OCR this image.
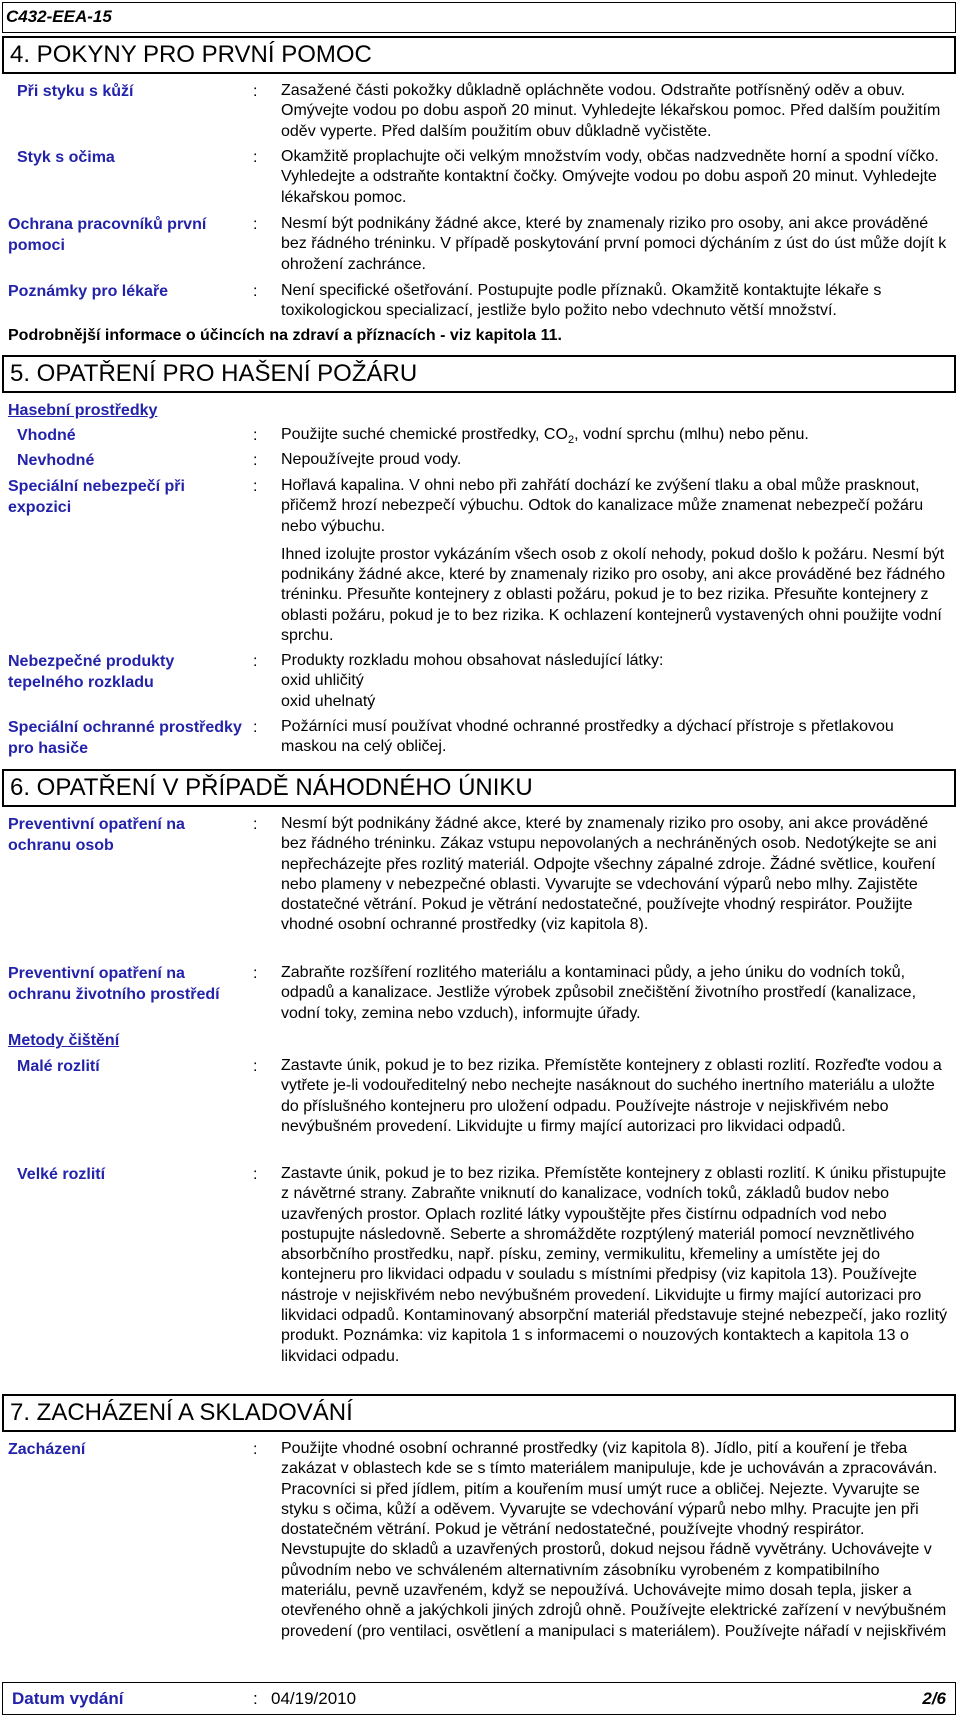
C432-EEA-15
4. POKYNY PRO PRVNÍ POMOC
Při styku s kůží	: Zasažené části pokožky důkladně opláchněte vodou. Odstraňte potřísněný oděv a obuv. Omývejte vodou po dobu aspoň 20 minut. Vyhledejte lékařskou pomoc. Před dalším použitím oděv vyperte. Před dalším použitím obuv důkladně vyčistěte.
Styk s očima	: Okamžitě proplachujte oči velkým množstvím vody, občas nadzvedněte horní a spodní víčko. Vyhledejte a odstraňte kontaktní čočky. Omývejte vodou po dobu aspoň 20 minut. Vyhledejte lékařskou pomoc.
Ochrana pracovníků první pomoci
: Nesmí být podnikány žádné akce, které by znamenaly riziko pro osoby, ani akce prováděné bez řádného tréninku. V případě poskytování první pomoci dýcháním z úst do úst může dojít k ohrožení zachránce.
Poznámky pro lékaře	: Není specifické ošetřování. Postupujte podle příznaků. Okamžitě kontaktujte lékaře s toxikologickou specializací, jestliže bylo požito nebo vdechnuto větší množství.
Podrobnější informace o účincích na zdraví a příznacích - viz kapitola 11.
5. OPATŘENÍ PRO HAŠENÍ POŽÁRU
Hasební prostředky
Vhodné	: Použijte suché chemické prostředky, $CO_2$, vodní sprchu (mlhu) nebo pěnu.
Nevhodné	: Nepoužívejte proud vody.
Speciální nebezpečí při expozici
: Hořlavá kapalina. V ohni nebo při zahřátí dochází ke zvýšení tlaku a obal může prasknout, přičemž hrozí nebezpečí výbuchu. Odtok do kanalizace může znamenat nebezpečí požáru nebo výbuchu.

Ihned izolujte prostor vykázáním všech osob z okolí nehody, pokud došlo k požáru. Nesmí být podnikány žádné akce, které by znamenaly riziko pro osoby, ani akce prováděné bez řádného tréninku. Přesuňte kontejnery z oblasti požáru, pokud je to bez rizika. Přesuňte kontejnery z oblasti požáru, pokud je to bez rizika. K ochlazení kontejnerů vystavených ohni použijte vodní sprchu.

Nebezpečné produkty tepelného rozkladu
: Produkty rozkladu mohou obsahovat následující látky:
oxid uhličitý
oxid uhelnatý
Speciální ochranné prostředky pro hasiče
: Požárníci musí používat vhodné ochranné prostředky a dýchací přístroje s přetlakovou maskou na celý obličej.
6. OPATŘENÍ V PŘÍPADĚ NÁHODNÉHO ÚNIKU
Preventivní opatření na ochranu osob
: Nesmí být podnikány žádné akce, které by znamenaly riziko pro osoby, ani akce prováděné bez řádného tréninku. Zákaz vstupu nepovolaných a nechráněných osob. Nedotýkejte se ani nepřecházejte přes rozlitý materiál. Odpojte všechny zápalné zdroje. Žádné světlice, kouření nebo plameny v nebezpečné oblasti. Vyvarujte se vdechování výparů nebo mlhy. Zajistěte dostatečné větrání. Pokud je větrání nedostatečné, používejte vhodný respirátor. Použijte vhodné osobní ochranné prostředky (viz kapitola 8).
Preventivní opatření na ochranu životního prostředí
: Zabraňte rozšíření rozlitého materiálu a kontaminaci půdy, a jeho úniku do vodních toků, odpadů a kanalizace. Jestliže výrobek způsobil znečištění životního prostředí (kanalizace, vodní toky, zemina nebo vzduch), informujte úřady.
Metody čištění
Malé rozlití	: Zastavte únik, pokud je to bez rizika. Přemístěte kontejnery z oblasti rozlití. Rozřeďte vodou a vytřete je-li vodouředitelný nebo nechejte nasáknout do suchého inertního materiálu a uložte do příslušného kontejneru pro uložení odpadu. Používejte nástroje v nejiskřivém nebo nevýbušném provedení. Likvidujte u firmy mající autorizaci pro likvidaci odpadů.
Velké rozlití	: Zastavte únik, pokud je to bez rizika. Přemístěte kontejnery z oblasti rozlití. K úniku přistupujte z návětrné strany. Zabraňte vniknutí do kanalizace, vodních toků, základů budov nebo uzavřených prostor. Oplach rozlité látky vypouštějte přes čistírnu odpadních vod nebo postupujte následovně. Seberte a shromážděte rozptýlený materiál pomocí nevznětlivého absorbčního prostředku, např. písku, zeminy, vermikulitu, křemeliny a umístěte jej do kontejneru pro likvidaci odpadu v souladu s místními předpisy (viz kapitola 13). Používejte nástroje v nejiskřivém nebo nevýbušném provedení. Likvidujte u firmy mající autorizaci pro likvidaci odpadů. Kontaminovaný absorpční materiál představuje stejné nebezpečí, jako rozlitý produkt. Poznámka: viz kapitola 1 s informacemi o nouzových kontaktech a kapitola 13 o likvidaci odpadu.
7. ZACHÁZENÍ A SKLADOVÁNÍ
Zacházení	: Použijte vhodné osobní ochranné prostředky (viz kapitola 8). Jídlo, pití a kouření je třeba zakázat v oblastech kde se s tímto materiálem manipuluje, kde je uchováván a zpracováván. Pracovníci si před jídlem, pitím a kouřením musí umýt ruce a obličej. Nejezte. Vyvarujte se styku s očima, kůží a oděvem. Vyvarujte se vdechování výparů nebo mlhy. Pracujte jen při dostatečném větrání. Pokud je větrání nedostatečné, používejte vhodný respirátor. Nevstupujte do skladů a uzavřených prostorů, dokud nejsou řádně vyvětrány. Uchovávejte v původním nebo ve schváleném alternativním zásobníku vyrobeném z kompatibilního materiálu, pevně uzavřeném, když se nepoužívá. Uchovávejte mimo dosah tepla, jisker a otevřeného ohně a jakýchkoli jiných zdrojů ohně. Používejte elektrické zařízení v nevýbušném provedení (pro ventilaci, osvětlení a manipulaci s materiálem). Používejte nářadí v nejiskřivém
Datum vydání	: 04/19/2010	2/6
